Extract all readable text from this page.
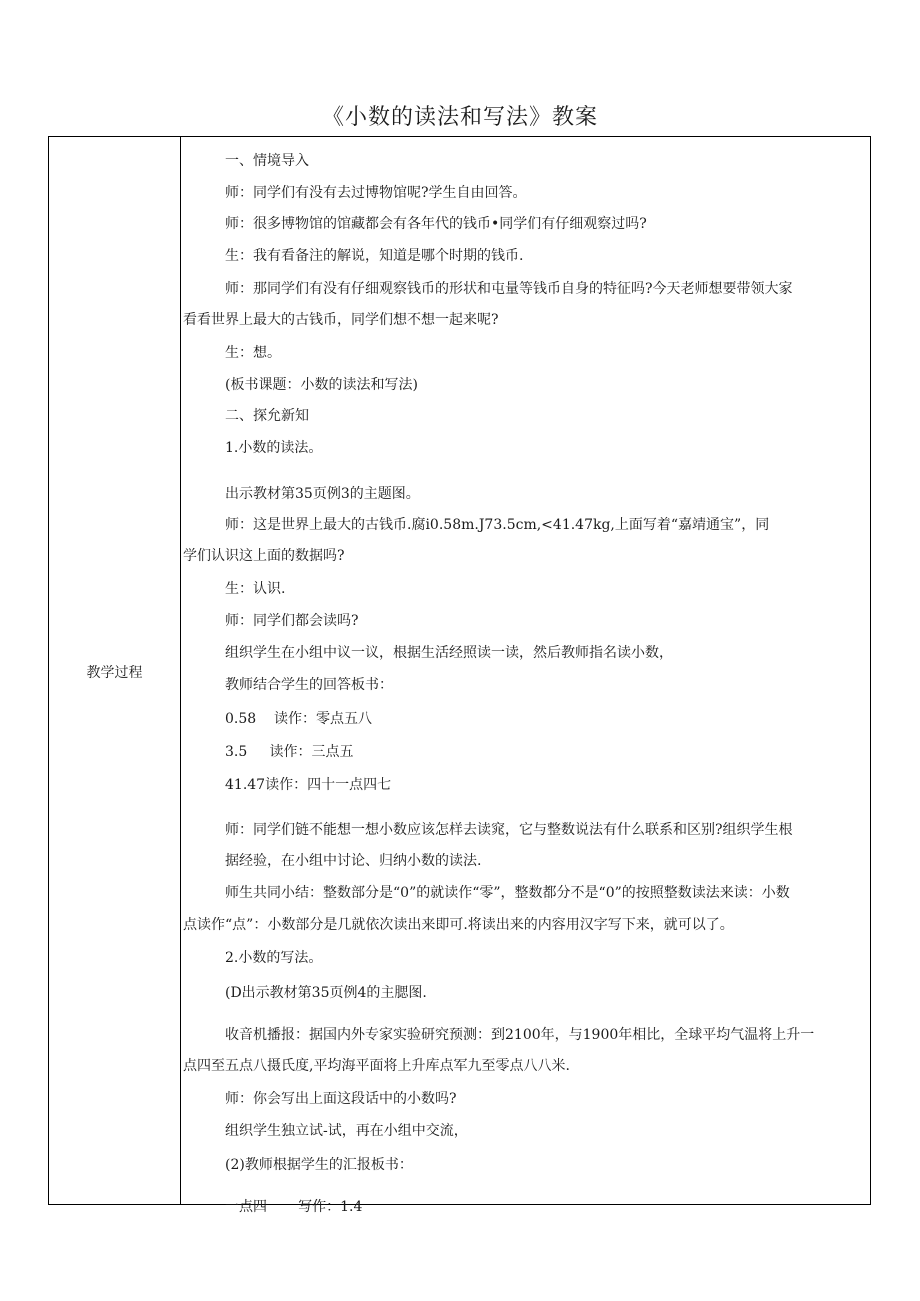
《小数的读法和写法》教案
教学过程
一、情境导入
师：同学们有没有去过博物馆呢?学生自由回答。
师：很多博物馆的馆藏都会有各年代的钱币•同学们有仔细观察过吗?
生：我有看备注的解说，知道是哪个时期的钱币.
师：那同学们有没有仔细观察钱币的形状和屯量等钱币自身的特征吗?今天老师想要带领大家
看看世界上最大的古钱币，同学们想不想一起来呢?
生：想。
(板书课题：小数的读法和写法)
二、探允新知
1.小数的读法。
出示教材第35页例3的主题图。
师：这是世界上最大的古钱币.腐i0.58m.J73.5cm,<41.47kg,上面写着“嘉靖通宝”，同
学们认识这上面的数据吗?
生：认识.
师：同学们都会读吗?
组织学生在小组中议一议，根据生活经照读一读，然后教师指名读小数，
教师结合学生的回答板书：
0.58    读作：零点五八
3.5     读作：三点五
41.47读作：四十一点四七
师：同学们链不能想一想小数应该怎样去读窕，它与整数说法有什么联系和区别?组织学生根
据经验，在小组中讨论、归纳小数的读法.
师生共同小结：整数部分是“0”的就读作“零”，整数都分不是“0”的按照整数读法来读：小数
点读作“点”：小数部分是几就依次读出来即可.将读出来的内容用汉字写下来，就可以了。
2.小数的写法。
(D出示教材第35页例4的主腮图.
收音机播报：据国内外专家实验研究预测：到2100年，与1900年相比，全球平均气温将上升一
点四至五点八摄氏度,平均海平面将上升库点军九至零点八八米.
师：你会写出上面这段话中的小数吗?
组织学生独立试-试，再在小组中交流，
(2)教师根据学生的汇报板书：
一点四       写作：1.4
